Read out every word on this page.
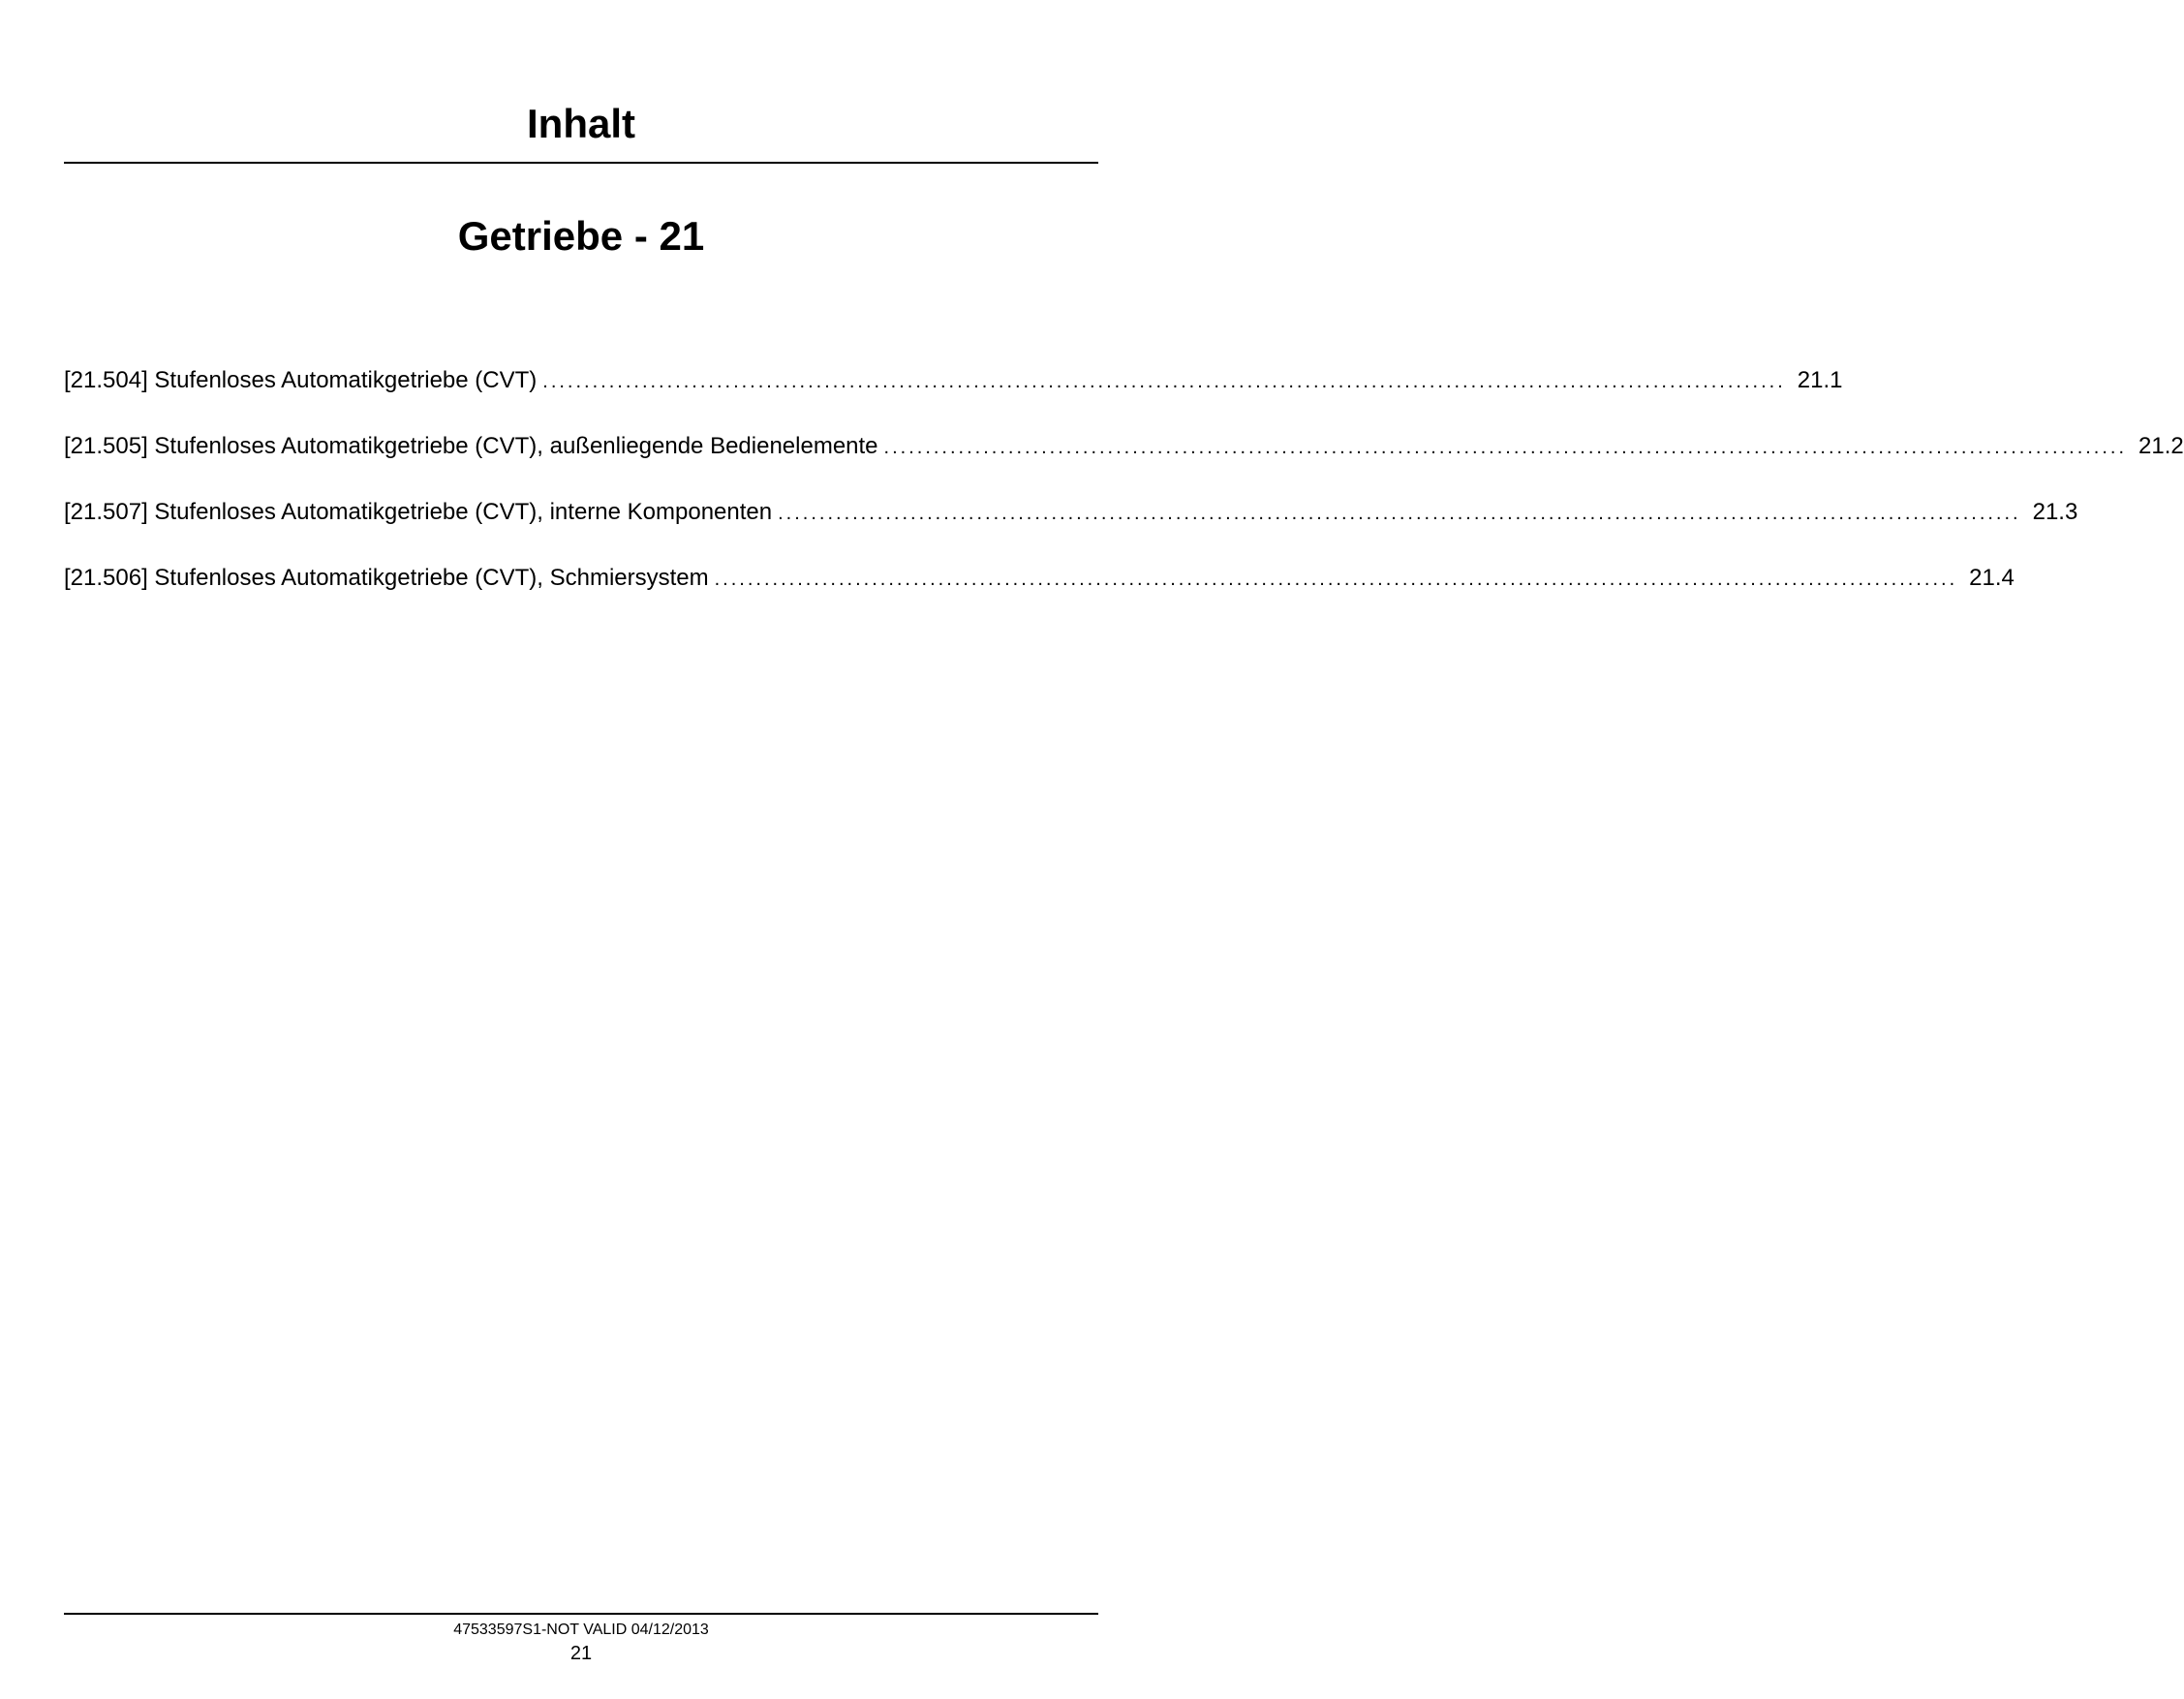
Inhalt
Getriebe - 21
[21.504] Stufenloses Automatikgetriebe (CVT) ...................................................................................................................................................... 21.1
[21.505] Stufenloses Automatikgetriebe (CVT), außenliegende Bedienelemente ...................................................................................................................................................... 21.2
[21.507] Stufenloses Automatikgetriebe (CVT), interne Komponenten ...................................................................................................................................................... 21.3
[21.506] Stufenloses Automatikgetriebe (CVT), Schmiersystem ...................................................................................................................................................... 21.4
47533597S1-NOT VALID 04/12/2013
21
